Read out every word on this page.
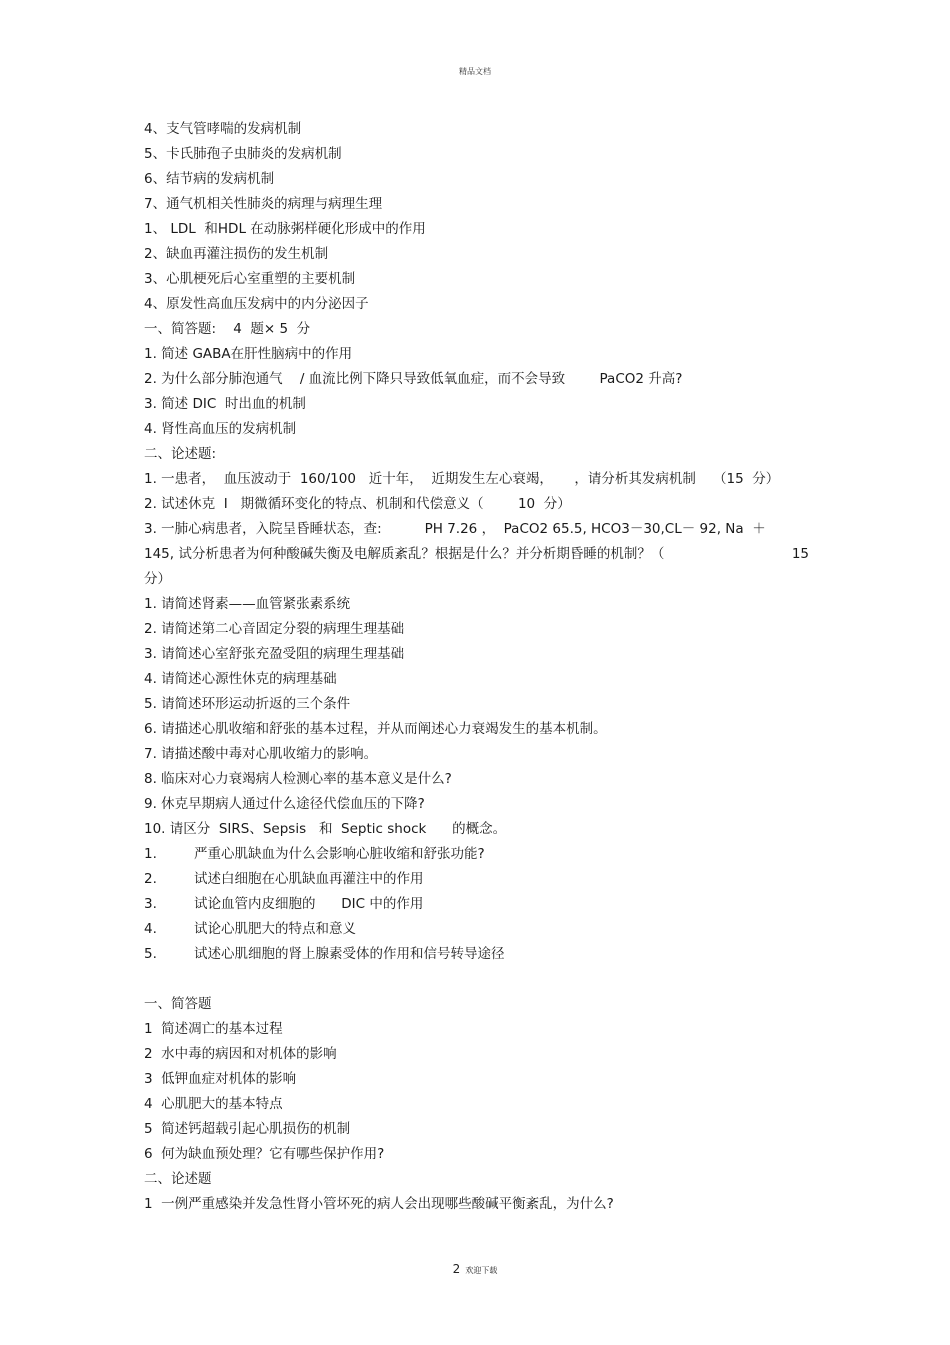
精品文档
4、支气管哮喘的发病机制
5、卡氏肺孢子虫肺炎的发病机制
6、结节病的发病机制
7、通气机相关性肺炎的病理与病理生理
1、 LDL  和HDL 在动脉粥样硬化形成中的作用
2、缺血再灌注损伤的发生机制
3、心肌梗死后心室重塑的主要机制
4、原发性高血压发病中的内分泌因子
一、简答题:    4  题× 5  分
1. 简述 GABA在肝性脑病中的作用
2. 为什么部分肺泡通气    / 血流比例下降只导致低氧血症，而不会导致        PaCO2 升高?
3. 简述 DIC  时出血的机制
4. 肾性高血压的发病机制
二、论述题:
1. 一患者，  血压波动于  160/100   近十年，  近期发生左心衰竭，     ，请分析其发病机制    （15  分）
2. 试述休克  I   期微循环变化的特点、机制和代偿意义（        10  分）
3. 一肺心病患者，入院呈昏睡状态，查:          PH 7.26 ，  PaCO2 65.5, HCO3－30,CL－ 92, Na  ＋
145, 试分析患者为何种酸碱失衡及电解质紊乱？根据是什么？并分析期昏睡的机制？（	15
分）
1. 请简述肾素——血管紧张素系统
2. 请简述第二心音固定分裂的病理生理基础
3. 请简述心室舒张充盈受阻的病理生理基础
4. 请简述心源性休克的病理基础
5. 请简述环形运动折返的三个条件
6. 请描述心肌收缩和舒张的基本过程，并从而阐述心力衰竭发生的基本机制。
7. 请描述酸中毒对心肌收缩力的影响。
8. 临床对心力衰竭病人检测心率的基本意义是什么?
9. 休克早期病人通过什么途径代偿血压的下降?
10. 请区分  SIRS、Sepsis   和  Septic shock      的概念。
1.	严重心肌缺血为什么会影响心脏收缩和舒张功能?
2.	试述白细胞在心肌缺血再灌注中的作用
3.	试论血管内皮细胞的      DIC 中的作用
4.	试论心肌肥大的特点和意义
5.	试述心肌细胞的肾上腺素受体的作用和信号转导途径
一、简答题
1  简述凋亡的基本过程
2  水中毒的病因和对机体的影响
3  低钾血症对机体的影响
4  心肌肥大的基本特点
5  简述钙超载引起心肌损伤的机制
6  何为缺血预处理？它有哪些保护作用?
二、论述题
1  一例严重感染并发急性肾小管坏死的病人会出现哪些酸碱平衡紊乱，为什么?
2 欢迎下载
